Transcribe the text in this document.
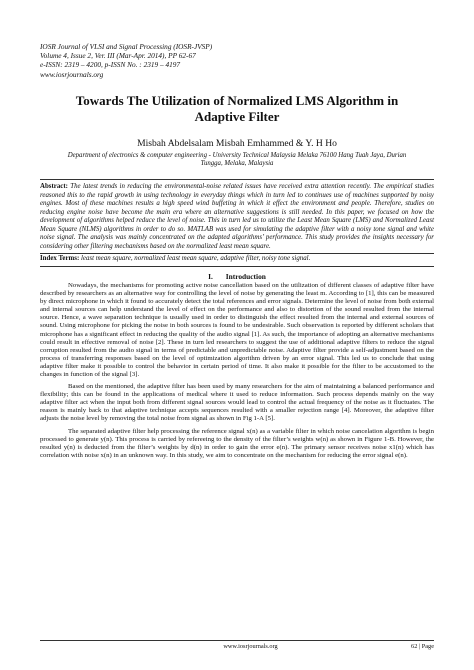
IOSR Journal of VLSI and Signal Processing (IOSR-JVSP)
Volume 4, Issue 2, Ver. III (Mar-Apr. 2014), PP 62-67
e-ISSN: 2319 – 4200, p-ISSN No. : 2319 – 4197
www.iosrjournals.org
Towards The Utilization of Normalized LMS Algorithm in Adaptive Filter
Misbah Abdelsalam Misbah Emhammed & Y. H Ho
Department of electronics & computer engineering - University Technical Malaysia Melaka 76100 Hang Tuah Jaya, Durian Tungga, Melaka, Malaysia
Abstract: The latest trends in reducing the environmental-noise related issues have received extra attention recently. The empirical studies reasoned this to the rapid growth in using technology in everyday things which in turn led to continues use of machines supported by noisy engines. Most of these machines results a high speed wind buffeting in which it effect the environment and people. Therefore, studies on reducing engine noise have become the main era where an alternative suggestions is still needed. In this paper, we focused on how the development of algorithms helped reduce the level of noise. This in turn led us to utilize the Least Mean Square (LMS) and Normalized Least Mean Square (NLMS) algorithms in order to do so. MATLAB was used for simulating the adaptive filter with a noisy tone signal and white noise signal. The analysis was mainly concentrated on the adapted algorithms’ performance. This study provides the insights necessary for considering other filtering mechanisms based on the normalized least mean square.
Index Terms: least mean square, normalized least mean square, adaptive filter, noisy tone signal.
I. Introduction

Nowadays, the mechanisms for promoting active noise cancellation based on the utilization of different classes of adaptive filter have described by researchers as an alternative way for controlling the level of noise by generating the least m. According to [1], this can be measured by direct microphone in which it found to accurately detect the total references and error signals. Determine the level of noise from both external and internal sources can help understand the level of effect on the performance and also to distortion of the sound resulted from the internal source. Hence, a wave separation technique is usually used in order to distinguish the effect resulted from the internal and external sources of sound. Using microphone for picking the noise in both sources is found to be undesirable. Such observation is reported by different scholars that microphone has a significant effect in reducing the quality of the audio signal [1]. As such, the importance of adopting an alternative mechanisms could result in effective removal of noise [2]. These in turn led researchers to suggest the use of additional adaptive filters to reduce the signal corruption resulted from the audio signal in terms of predictable and unpredictable noise. Adaptive filter provide a self-adjustment based on the process of transferring responses based on the level of optimization algorithm driven by an error signal. This led us to conclude that using adaptive filter make it possible to control the behavior in certain period of time. It also make it possible for the filter to be accustomed to the changes in function of the signal [3].

Based on the mentioned, the adaptive filter has been used by many researchers for the aim of maintaining a balanced performance and flexibility; this can be found in the applications of medical where it used to reduce information. Such process depends mainly on the way adaptive filter act when the input both from different signal sources would lead to control the actual frequency of the noise as it fluctuates. The reason is mainly back to that adaptive technique accepts sequences resulted with a smaller rejection range [4]. Moreover, the adaptive filter adjusts the noise level by removing the total noise from signal as shown in Fig 1-A [5].

The separated adaptive filter help processing the reference signal x(n) as a variable filter in which noise cancelation algorithm is begin processed to generate y(n). This process is carried by refereeing to the density of the filter’s weights w(n) as shown in Figure 1-B. However, the resulted y(n) is deducted from the filter’s weights by d(n) in order to gain the error e(n). The primary sensor receives noise x1(n) which has correlation with noise x(n) in an unknown way. In this study, we aim to concentrate on the mechanism for reducing the error signal e(n).

www.iosrjournals.org	62 | Page
